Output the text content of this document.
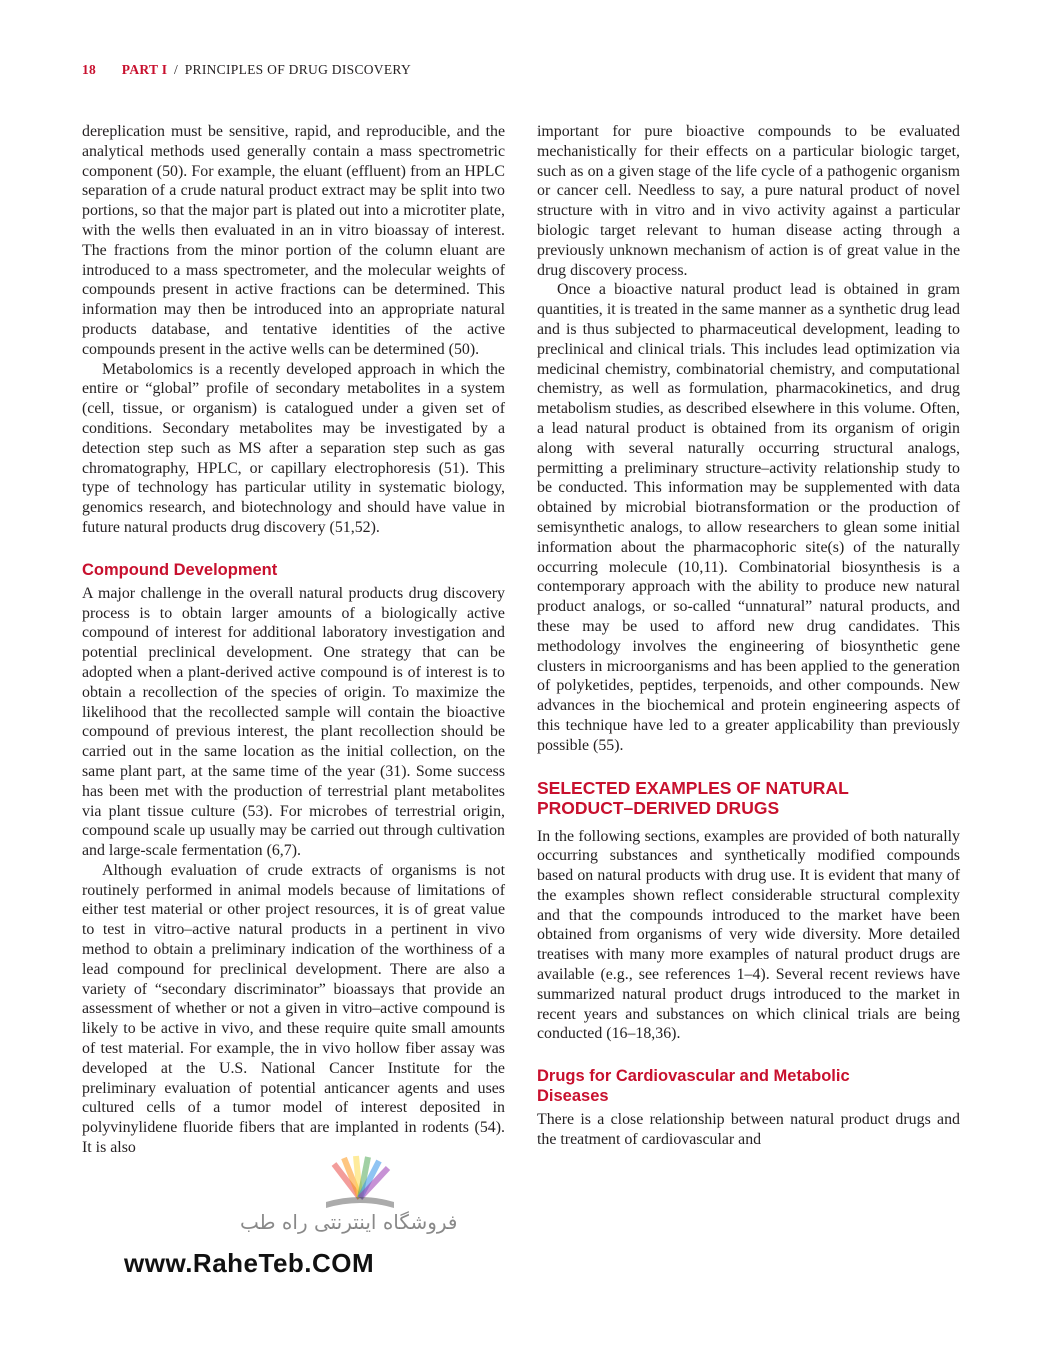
18 PART I / PRINCIPLES OF DRUG DISCOVERY

dereplication must be sensitive, rapid, and reproducible, and the analytical methods used generally contain a mass spectrometric component (50). For example, the eluant (effluent) from an HPLC separation of a crude natural product extract may be split into two portions, so that the major part is plated out into a microtiter plate, with the wells then evaluated in an in vitro bioassay of interest. The fractions from the minor portion of the column eluant are introduced to a mass spectrometer, and the molecular weights of compounds present in active fractions can be determined. This information may then be introduced into an appropriate natural products database, and tentative identities of the active compounds present in the active wells can be determined (50).

Metabolomics is a recently developed approach in which the entire or “global” profile of secondary metabolites in a system (cell, tissue, or organism) is catalogued under a given set of conditions. Secondary metabolites may be investigated by a detection step such as MS after a separation step such as gas chromatography, HPLC, or capillary electrophoresis (51). This type of technology has particular utility in systematic biology, genomics research, and biotechnology and should have value in future natural products drug discovery (51,52).

Compound Development

A major challenge in the overall natural products drug discovery process is to obtain larger amounts of a biologically active compound of interest for additional laboratory investigation and potential preclinical development. One strategy that can be adopted when a plant-derived active compound is of interest is to obtain a recollection of the species of origin. To maximize the likelihood that the recollected sample will contain the bioactive compound of previous interest, the plant recollection should be carried out in the same location as the initial collection, on the same plant part, at the same time of the year (31). Some success has been met with the production of terrestrial plant metabolites via plant tissue culture (53). For microbes of terrestrial origin, compound scale up usually may be carried out through cultivation and large-scale fermentation (6,7).

Although evaluation of crude extracts of organisms is not routinely performed in animal models because of limitations of either test material or other project resources, it is of great value to test in vitro–active natural products in a pertinent in vivo method to obtain a preliminary indication of the worthiness of a lead compound for preclinical development. There are also a variety of “secondary discriminator” bioassays that provide an assessment of whether or not a given in vitro–active compound is likely to be active in vivo, and these require quite small amounts of test material. For example, the in vivo hollow fiber assay was developed at the U.S. National Cancer Institute for the preliminary evaluation of potential anticancer agents and uses cultured cells of a tumor model of interest deposited in polyvinylidene fluoride fibers that are implanted in rodents (54). It is also

important for pure bioactive compounds to be evaluated mechanistically for their effects on a particular biologic target, such as on a given stage of the life cycle of a pathogenic organism or cancer cell. Needless to say, a pure natural product of novel structure with in vitro and in vivo activity against a particular biologic target relevant to human disease acting through a previously unknown mechanism of action is of great value in the drug discovery process.

Once a bioactive natural product lead is obtained in gram quantities, it is treated in the same manner as a synthetic drug lead and is thus subjected to pharmaceutical development, leading to preclinical and clinical trials. This includes lead optimization via medicinal chemistry, combinatorial chemistry, and computational chemistry, as well as formulation, pharmacokinetics, and drug metabolism studies, as described elsewhere in this volume. Often, a lead natural product is obtained from its organism of origin along with several naturally occurring structural analogs, permitting a preliminary structure–activity relationship study to be conducted. This information may be supplemented with data obtained by microbial biotransformation or the production of semisynthetic analogs, to allow researchers to glean some initial information about the pharmacophoric site(s) of the naturally occurring molecule (10,11). Combinatorial biosynthesis is a contemporary approach with the ability to produce new natural product analogs, or so-called “unnatural” natural products, and these may be used to afford new drug candidates. This methodology involves the engineering of biosynthetic gene clusters in microorganisms and has been applied to the generation of polyketides, peptides, terpenoids, and other compounds. New advances in the biochemical and protein engineering aspects of this technique have led to a greater applicability than previously possible (55).

SELECTED EXAMPLES OF NATURAL
PRODUCT–DERIVED DRUGS

In the following sections, examples are provided of both naturally occurring substances and synthetically modified compounds based on natural products with drug use. It is evident that many of the examples shown reflect considerable structural complexity and that the compounds introduced to the market have been obtained from organisms of very wide diversity. More detailed treatises with many more examples of natural product drugs are available (e.g., see references 1–4). Several recent reviews have summarized natural product drugs introduced to the market in recent years and substances on which clinical trials are being conducted (16–18,36).

Drugs for Cardiovascular and Metabolic
Diseases

There is a close relationship between natural product drugs and the treatment of cardiovascular and

فروشگاه اینترنتی راه طب
www.RaheTeb.COM
